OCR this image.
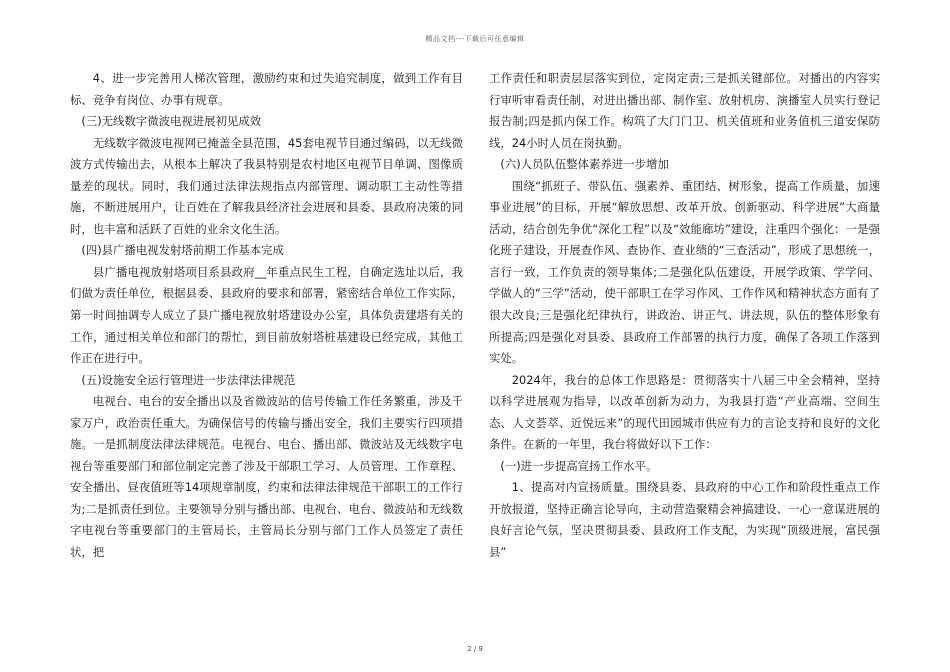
精品文档---下载后可任意编辑

4、进一步完善用人梯次管理，激励约束和过失追究制度，做到工作有目标、竞争有岗位、办事有规章。

(三)无线数字微波电视进展初见成效

无线数字微波电视网已掩盖全县范围，45套电视节目通过编码，以无线微波方式传输出去，从根本上解决了我县特别是农村地区电视节目单调、图像质量差的现状。同时，我们通过法律法规指点内部管理、调动职工主动性等措施，不断进展用户，让百姓在了解我县经济社会进展和县委、县政府决策的同时，也丰富和活跃了百姓的业余文化生活。

(四)县广播电视发射塔前期工作基本完成

县广播电视放射塔项目系县政府__年重点民生工程，自确定选址以后，我们做为责任单位，根据县委、县政府的要求和部署，紧密结合单位工作实际，第一时间抽调专人成立了县广播电视放射塔建设办公室，具体负责建塔有关的工作，通过相关单位和部门的帮忙，到目前放射塔桩基建设已经完成，其他工作正在进行中。

(五)设施安全运行管理进一步法律法律规范

电视台、电台的安全播出以及省微波站的信号传输工作任务繁重，涉及千家万户，政治责任重大。为确保信号的传输与播出安全，我们主要实行四项措施。一是抓制度法律法律规范。电视台、电台、播出部、微波站及无线数字电视台等重要部门和部位制定完善了涉及干部职工学习、人员管理、工作章程、安全播出、昼夜值班等14项规章制度，约束和法律法律规范干部职工的工作行为;二是抓责任到位。主要领导分别与播出部、电视台、电台、微波站和无线数字电视台等重要部门的主管局长，主管局长分别与部门工作人员签定了责任状，把

工作责任和职责层层落实到位，定岗定责;三是抓关键部位。对播出的内容实行审听审看责任制，对进出播出部、制作室、放射机房、演播室人员实行登记报告制;四是抓内保工作。构筑了大门门卫、机关值班和业务值机三道安保防线，24小时人员在岗执勤。

(六)人员队伍整体素养进一步增加

围绕“抓班子、带队伍、强素养、重团结、树形象，提高工作质量，加速事业进展”的目标，开展“解放思想、改革开放、创新驱动、科学进展”大商量活动，结合创先争优“深化工程”以及“效能廊坊”建设，注重四个强化：一是强化班子建设，开展查作风、查协作、查业绩的“三查活动”，形成了思想统一，言行一致，工作负责的领导集体;二是强化队伍建设，开展学政策、学学问、学做人的“三学”活动，使干部职工在学习作风、工作作风和精神状态方面有了很大改良;三是强化纪律执行，讲政治、讲正气、讲法规，队伍的整体形象有所提高;四是强化对县委、县政府工作部署的执行力度，确保了各项工作落到实处。

2024年，我台的总体工作思路是：贯彻落实十八届三中全会精神，坚持以科学进展观为指导，以改革创新为动力，为我县打造“产业高端、空间生态、人文荟萃、近悦远来”的现代田园城市供应有力的言论支持和良好的文化条件。在新的一年里，我台将做好以下工作：

(一)进一步提高宣扬工作水平。

1、提高对内宣扬质量。围绕县委、县政府的中心工作和阶段性重点工作开放报道，坚持正确言论导向，主动营造聚精会神搞建设、一心一意谋进展的良好言论气氛，坚决贯彻县委、县政府工作支配，为实现“顶级进展，富民强县”

2 / 9
